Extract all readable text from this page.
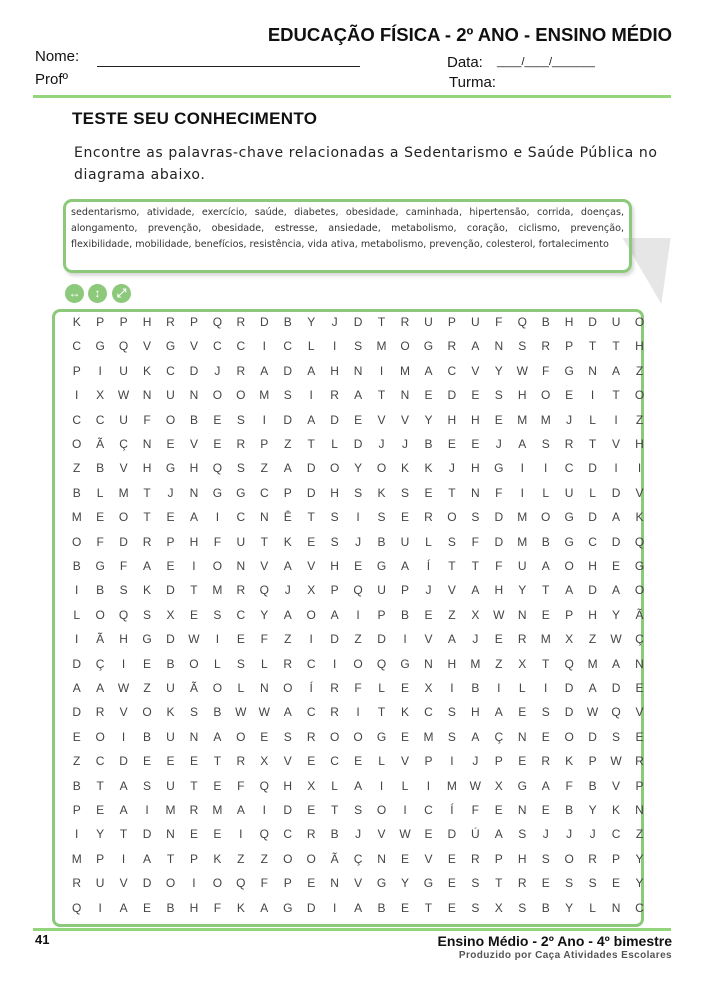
EDUCAÇÃO FÍSICA - 2º ANO - ENSINO MÉDIO
Nome:	Data: ____/____/_______
Profº	Turma:
TESTE SEU CONHECIMENTO
Encontre as palavras-chave relacionadas a Sedentarismo e Saúde Pública no diagrama abaixo.
sedentarismo, atividade, exercício, saúde, diabetes, obesidade, caminhada, hipertensão, corrida, doenças, alongamento, prevenção, obesidade, estresse, ansiedade, metabolismo, coração, ciclismo, prevenção, flexibilidade, mobilidade, benefícios, resistência, vida ativa, metabolismo, prevenção, colesterol, fortalecimento
↔	↕	⤢
K	P	P	H	R	P	Q	R	D	B	Y	J	D	T	R	U	P	U	F	Q	B	H	D	U	O
C	G	Q	V	G	V	C	C	I	C	L	I	S	M	O	G	R	A	N	S	R	P	T	T	H
P	I	U	K	C	D	J	R	A	D	A	H	N	I	M	A	C	V	Y	W	F	G	N	A	Z
I	X	W	N	U	N	O	O	M	S	I	R	A	T	N	E	D	E	S	H	O	E	I	T	O
C	C	U	F	O	B	E	S	I	D	A	D	E	V	V	Y	H	H	E	M	M	J	L	I	Z
O	Ã	Ç	N	E	V	E	R	P	Z	T	L	D	J	J	B	E	E	J	A	S	R	T	V	H
Z	B	V	H	G	H	Q	S	Z	A	D	O	Y	O	K	K	J	H	G	I	I	C	D	I	I
B	L	M	T	J	N	G	G	C	P	D	H	S	K	S	E	T	N	F	I	L	U	L	D	V
M	E	O	T	E	A	I	C	N	Ê	T	S	I	S	E	R	O	S	D	M	O	G	D	A	K
O	F	D	R	P	H	F	U	T	K	E	S	J	B	U	L	S	F	D	M	B	G	C	D	Q
B	G	F	A	E	I	O	N	V	A	V	H	E	G	A	Í	T	T	F	U	A	O	H	E	G
I	B	S	K	D	T	M	R	Q	J	X	P	Q	U	P	J	V	A	H	Y	T	A	D	A	O
L	O	Q	S	X	E	S	C	Y	A	O	A	I	P	B	E	Z	X	W	N	E	P	H	Y	Ã
I	Ã	H	G	D	W	I	E	F	Z	I	D	Z	D	I	V	A	J	E	R	M	X	Z	W	Ç
D	Ç	I	E	B	O	L	S	L	R	C	I	O	Q	G	N	H	M	Z	X	T	Q	M	A	N
A	A	W	Z	U	Ã	O	L	N	O	Í	R	F	L	E	X	I	B	I	L	I	D	A	D	E
D	R	V	O	K	S	B	W	W	A	C	R	I	T	K	C	S	H	A	E	S	D	W	Q	V
E	O	I	B	U	N	A	O	E	S	R	O	O	G	E	M	S	A	Ç	N	E	O	D	S	E
Z	C	D	E	E	E	T	R	X	V	E	C	E	L	V	P	I	J	P	E	R	K	P	W	R
B	T	A	S	U	T	E	F	Q	H	X	L	A	I	L	I	M	W	X	G	A	F	B	V	P
P	E	A	I	M	R	M	A	I	D	E	T	S	O	I	C	Í	F	E	N	E	B	Y	K	N
I	Y	T	D	N	E	E	I	Q	C	R	B	J	V	W	E	D	Ú	A	S	J	J	J	C	Z
M	P	I	A	T	P	K	Z	Z	O	O	Ã	Ç	N	E	V	E	R	P	H	S	O	R	P	Y
R	U	V	D	O	I	O	Q	F	P	E	N	V	G	Y	G	E	S	T	R	E	S	S	E	Y
Q	I	A	E	B	H	F	K	A	G	D	I	A	B	E	T	E	S	X	S	B	Y	L	N	C
41	Ensino Médio - 2º Ano - 4º bimestre
Produzido por Caça Atividades Escolares
